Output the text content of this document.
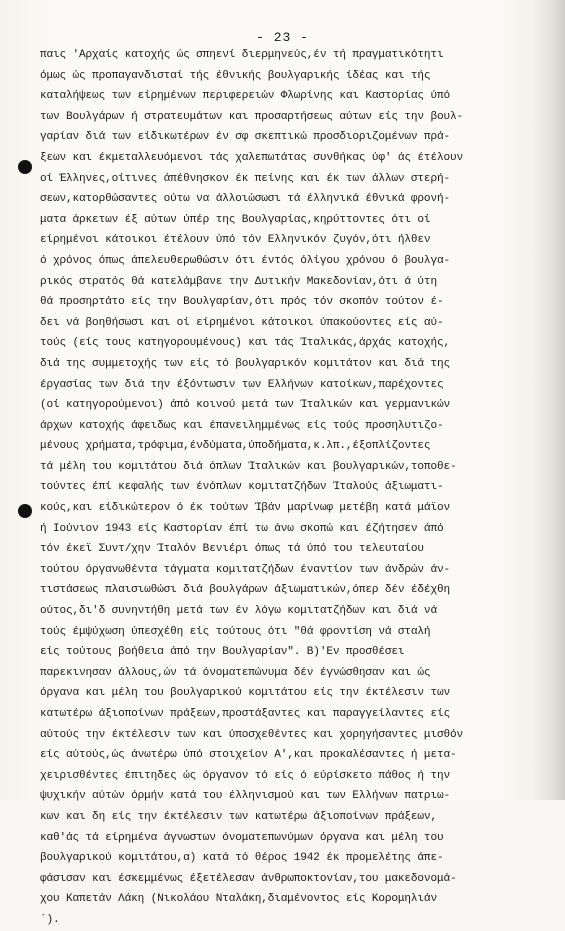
- 23 -
παις 'Αρχαίς κατοχής ώς σπηενί διερμηνεύς,έν τή πραγματικότητι
όμως ώς προπαγανδισταί τής έθνικής βουλγαρικής ίδέας και τής
καταλήψεως των είρημένων περιφερειών Φλωρίνης και Καστορίας ύπό
των Βουλγάρων ή στρατευμάτων και προσαρτήσεως αύτων είς την βουλ-
γαρίαν διά των είδικωτέρων έν σφ σκεπτικώ προσδιοριζομένων πρά-
ξεων και έκμεταλλευόμενοι τάς χαλεπωτάτας συνθήκας ύφ' άς έτέλουν
οί Έλληνες,οίτινες άπέθνησκον έκ πείνης και έκ των άλλων στερή-
σεων,κατορθώσαντες ούτω να άλλοιώσωσι τά έλληνικά έθνικά φρονή-
ματα άρκετων έξ αύτων ύπέρ της Βουλγαρίας,κηρύττοντες ότι οί
είρημένοι κάτοικοι έτέλουν ύπό τόν Ελληνικόν ζυγόν,ότι ήλθεν
ό χρόνος όπως άπελευθερωθώσιν ότι έντός όλίγου χρόνου ό βουλγα-
ρικός στρατός θά κατελάμβανε την Δυτικήν Μακεδονίαν,ότι ά ύτη
θά προσηρτάτο είς την Βουλγαρίαν,ότι πρός τόν σκοπόν τούτον έ-
δει νά βοηθήσωσι και οί είρημένοι κάτοικοι ύπακούοντες είς αύ-
τούς (είς τους κατηγορουμένους) και τάς Ίταλικάς,άρχάς κατοχής,
διά της συμμετοχής των είς τό βουλγαρικόν κομιτάτον και διά της
έργασίας των διά την έξόντωσιν των Ελλήνων κατοίκων,παρέχοντες
(οί κατηγορούμενοι) άπό κοινού μετά των Ίταλικών και γερμανικών
άρχων κατοχής άφειδως και έπανειλημμένως είς τούς προσηλυτιζο-
μένους χρήματα,τρόφιμα,ένδύματα,ύποδήματα,κ.λπ.,έξοπλίζοντες
τά μέλη του κομιτάτου διά όπλων Ίταλικών και βουλγαρικών,τοποθε-
τούντες έπί κεφαλής των ένόπλων κομιτατζήδων Ίταλούς άξιωματι-
κούς,και είδικώτερον ό έκ τούτων Ίβάν μαρίνωφ μετέβη κατά μάϊον
ή Ιούνιον 1943 είς Καστορίαν έπί τω άνω σκοπώ και έζήτησεν άπό
τόν έκεϊ Συντ/χην Ίταλόν Βενιέρι όπως τά ύπό του τελευταίου
τούτου όργανωθέντα τάγματα κομιτατζήδων έναντίον των άνδρών άν-
τιστάσεως πλαισιωθώσι διά βουλγάρων άξιωματικών,όπερ δέν έδέχθη
ούτος,δι'δ συνηντήθη μετά των έν λόγω κομιτατζήδων και διά νά
τούς έμψύχωση ύπεσχέθη είς τούτους ότι "θά φροντίση νά σταλή
είς τούτους βοήθεια άπό την Βουλγαρίαν". Β)'Εν προσθέσει
παρεκινησαν άλλους,ών τά όνοματεπώνυμα δέν έγνώσθησαν και ώς
όργανα και μέλη του βουλγαρικού κομιτάτου είς την έκτέλεσιν των
κατωτέρω άξιοποίνων πράξεων,προστάξαντες και παραγγείλαντες είς
αύτούς την έκτέλεσιν των και ύποσχεθέντες και χορηγήσαντες μισθόν
είς αύτούς,ώς άνωτέρω ύπό στοιχείον Α',και προκαλέσαντες ή μετα-
χειρισθέντες έπιτηδες ώς όργανον τό είς ό εύρίσκετο πάθος ή την
ψυχικήν αύτών όρμήν κατά του έλληνισμού και των Ελλήνων πατριω-
κων και δη είς την έκτέλεσιν των κατωτέρω άξιοποίνων πράξεων,
καθ'άς τά είρημένα άγνωστων όνοματεπωνύμων όργανα και μέλη του
βουλγαρικού κομιτάτου,α) κατά τό θέρος 1942 έκ προμελέτης άπε-
φάσισαν και έσκεμμένως έξετέλεσαν άνθρωποκτονίαν,του μακεδονομά-
χου Καπετάν Λάκη (Νικολάου Νταλάκη,διαμένοντος είς Κορομηλιάν
´).
